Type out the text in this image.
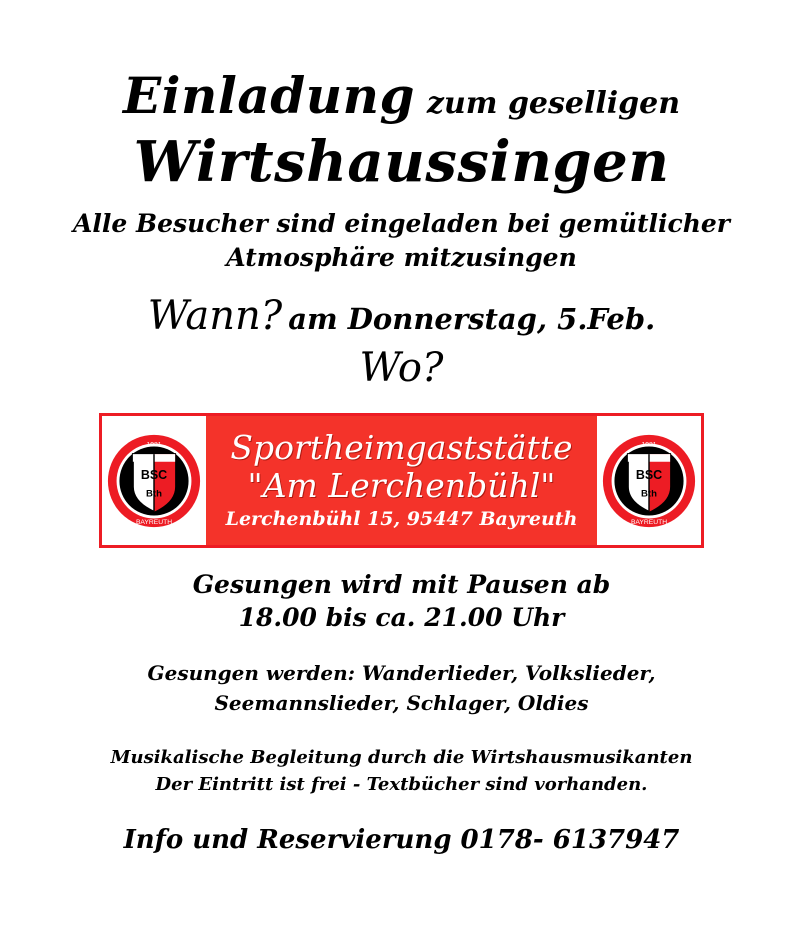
Einladung zum geselligen
Wirtshaussingen
Alle Besucher sind eingeladen bei gemütlicher
Atmosphäre mitzusingen
Wann? am Donnerstag, 5.Feb.
Wo?
BSC
Bth
1921
BAYREUTH
Sportheimgaststätte
"Am Lerchenbühl"
Lerchenbühl 15, 95447 Bayreuth
BSC
Bth
1921
BAYREUTH
Gesungen wird mit Pausen ab
18.00 bis ca. 21.00 Uhr
Gesungen werden: Wanderlieder, Volkslieder,
Seemannslieder, Schlager, Oldies
Musikalische Begleitung durch die Wirtshausmusikanten
Der Eintritt ist frei - Textbücher sind vorhanden.
Info und Reservierung 0178- 6137947
